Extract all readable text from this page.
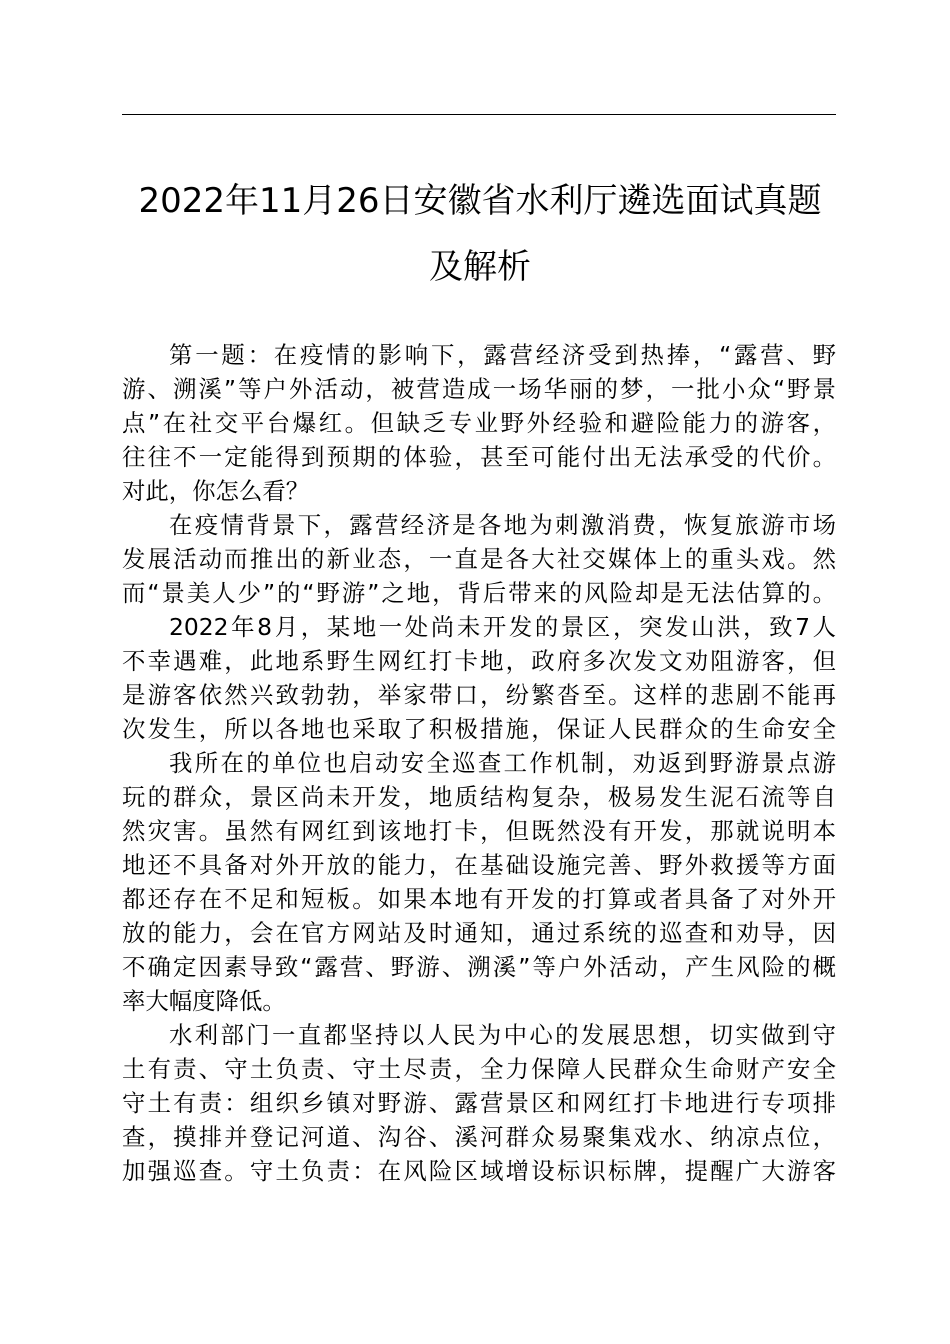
2022年11月26日安徽省水利厅遴选面试真题
及解析

第一题：在疫情的影响下，露营经济受到热捧，“露营、野
游、溯溪”等户外活动，被营造成一场华丽的梦，一批小众“野景
点”在社交平台爆红。但缺乏专业野外经验和避险能力的游客，
往往不一定能得到预期的体验，甚至可能付出无法承受的代价。
对此，你怎么看？

在疫情背景下，露营经济是各地为刺激消费，恢复旅游市场
发展活动而推出的新业态，一直是各大社交媒体上的重头戏。然
而“景美人少”的“野游”之地，背后带来的风险却是无法估算的。

2022年8月，某地一处尚未开发的景区，突发山洪，致7人
不幸遇难，此地系野生网红打卡地，政府多次发文劝阻游客，但
是游客依然兴致勃勃，举家带口，纷繁沓至。这样的悲剧不能再
次发生，所以各地也采取了积极措施，保证人民群众的生命安全

我所在的单位也启动安全巡查工作机制，劝返到野游景点游
玩的群众，景区尚未开发，地质结构复杂，极易发生泥石流等自
然灾害。虽然有网红到该地打卡，但既然没有开发，那就说明本
地还不具备对外开放的能力，在基础设施完善、野外救援等方面
都还存在不足和短板。如果本地有开发的打算或者具备了对外开
放的能力，会在官方网站及时通知，通过系统的巡查和劝导，因
不确定因素导致“露营、野游、溯溪”等户外活动，产生风险的概
率大幅度降低。

水利部门一直都坚持以人民为中心的发展思想，切实做到守
土有责、守土负责、守土尽责，全力保障人民群众生命财产安全
守土有责：组织乡镇对野游、露营景区和网红打卡地进行专项排
查，摸排并登记河道、沟谷、溪河群众易聚集戏水、纳凉点位，
加强巡查。守土负责：在风险区域增设标识标牌，提醒广大游客
